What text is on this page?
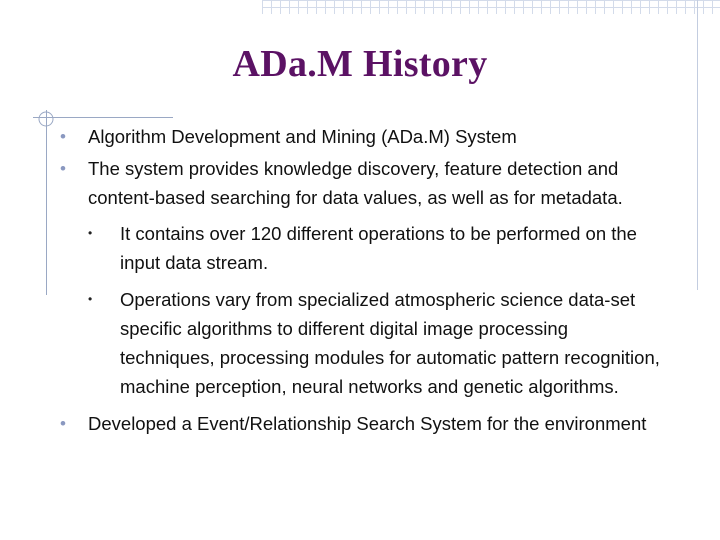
ADa.M History

• Algorithm Development and Mining (ADa.M) System

• The system provides knowledge discovery, feature detection and content-based searching for data values, as well as for metadata.

• It contains over 120 different operations to be performed on the input data stream.

• Operations vary from specialized atmospheric science data-set specific algorithms to different digital image processing techniques, processing modules for automatic pattern recognition, machine perception, neural networks and genetic algorithms.

• Developed a Event/Relationship Search System for the environment
